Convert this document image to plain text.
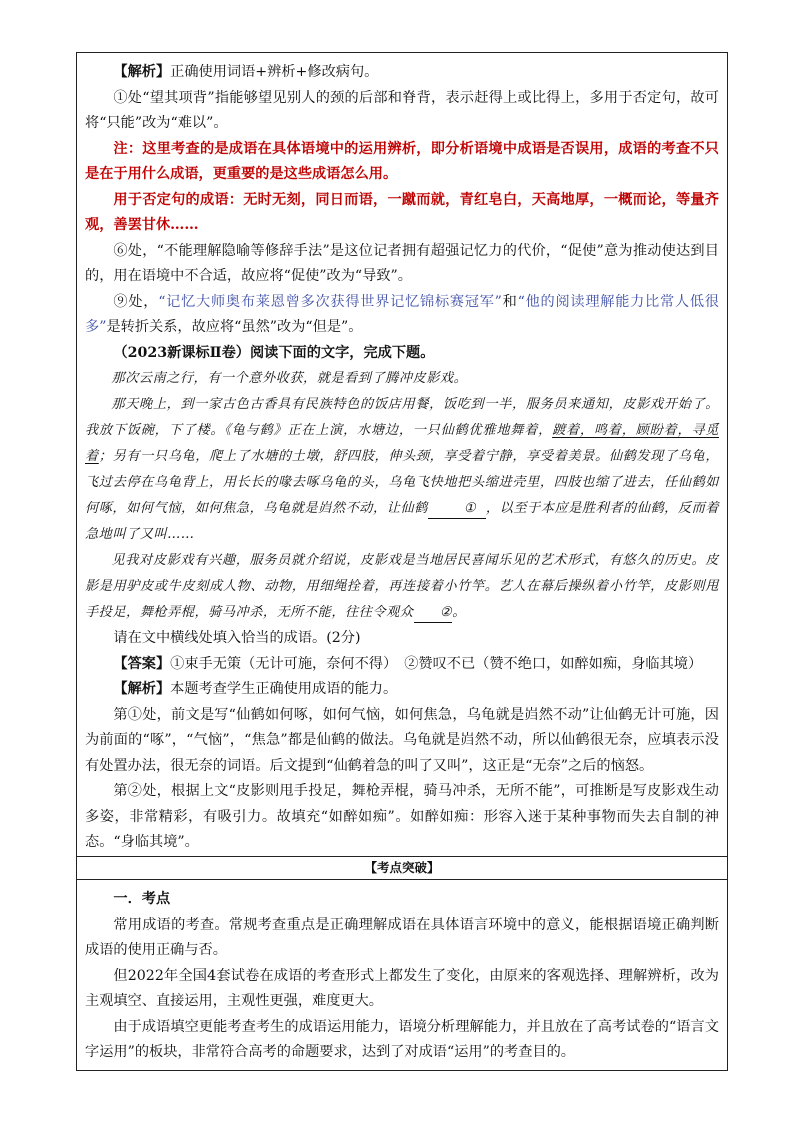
【解析】正确使用词语+辨析+修改病句。

①处“望其项背”指能够望见别人的颈的后部和脊背，表示赶得上或比得上，多用于否定句，故可将“只能”改为“难以”。

注：这里考查的是成语在具体语境中的运用辨析，即分析语境中成语是否误用，成语的考查不只是在于用什么成语，更重要的是这些成语怎么用。

用于否定句的成语：无时无刻，同日而语，一蹴而就，青红皂白，天高地厚，一概而论，等量齐观，善罢甘休……

⑥处，“不能理解隐喻等修辞手法”是这位记者拥有超强记忆力的代价，“促使”意为推动使达到目的，用在语境中不合适，故应将“促使”改为“导致”。

⑨处，“记忆大师奥布莱恩曾多次获得世界记忆锦标赛冠军”和“他的阅读理解能力比常人低很多”是转折关系，故应将“虽然”改为“但是”。

（2023新课标Ⅱ卷）阅读下面的文字，完成下题。

那次云南之行，有一个意外收获，就是看到了腾冲皮影戏。

那天晚上，到一家古色古香具有民族特色的饭店用餐，饭吃到一半，服务员来通知，皮影戏开始了。我放下饭碗，下了楼。《龟与鹤》正在上演，水塘边，一只仙鹤优雅地舞着，踱着，鸣着，顾盼着，寻觅着；另有一只乌龟，爬上了水塘的土墩，舒四肢，伸头颈，享受着宁静，享受着美景。仙鹤发现了乌龟，飞过去停在乌龟背上，用长长的喙去啄乌龟的头，乌龟飞快地把头缩进壳里，四肢也缩了进去，任仙鹤如何啄，如何气恼，如何焦急，乌龟就是岿然不动，让仙鹤	① ，以至于本应是胜利者的仙鹤，反而着急地叫了又叫……

见我对皮影戏有兴趣，服务员就介绍说，皮影戏是当地居民喜闻乐见的艺术形式，有悠久的历史。皮影是用驴皮或牛皮刻成人物、动物，用细绳拴着，再连接着小竹竿。艺人在幕后操纵着小竹竿，皮影则甩手投足，舞枪弄棍，骑马冲杀，无所不能，往往令观众 ②。

请在文中横线处填入恰当的成语。(2分)

【答案】①束手无策（无计可施，奈何不得）　②赞叹不已（赞不绝口，如醉如痴，身临其境）

【解析】本题考查学生正确使用成语的能力。

第①处，前文是写“仙鹤如何啄，如何气恼，如何焦急，乌龟就是岿然不动”让仙鹤无计可施，因为前面的“啄”，“气恼”，“焦急”都是仙鹤的做法。乌龟就是岿然不动，所以仙鹤很无奈，应填表示没有处置办法，很无奈的词语。后文提到“仙鹤着急的叫了又叫”，这正是“无奈”之后的恼怒。

第②处，根据上文“皮影则甩手投足，舞枪弄棍，骑马冲杀，无所不能”，可推断是写皮影戏生动多姿，非常精彩，有吸引力。故填充“如醉如痴”。如醉如痴：形容入迷于某种事物而失去自制的神态。“身临其境”。

【考点突破】

一．考点

常用成语的考查。常规考查重点是正确理解成语在具体语言环境中的意义，能根据语境正确判断成语的使用正确与否。

但2022年全国4套试卷在成语的考查形式上都发生了变化，由原来的客观选择、理解辨析，改为主观填空、直接运用，主观性更强，难度更大。

由于成语填空更能考查考生的成语运用能力，语境分析理解能力，并且放在了高考试卷的“语言文字运用”的板块，非常符合高考的命题要求，达到了对成语“运用”的考查目的。
